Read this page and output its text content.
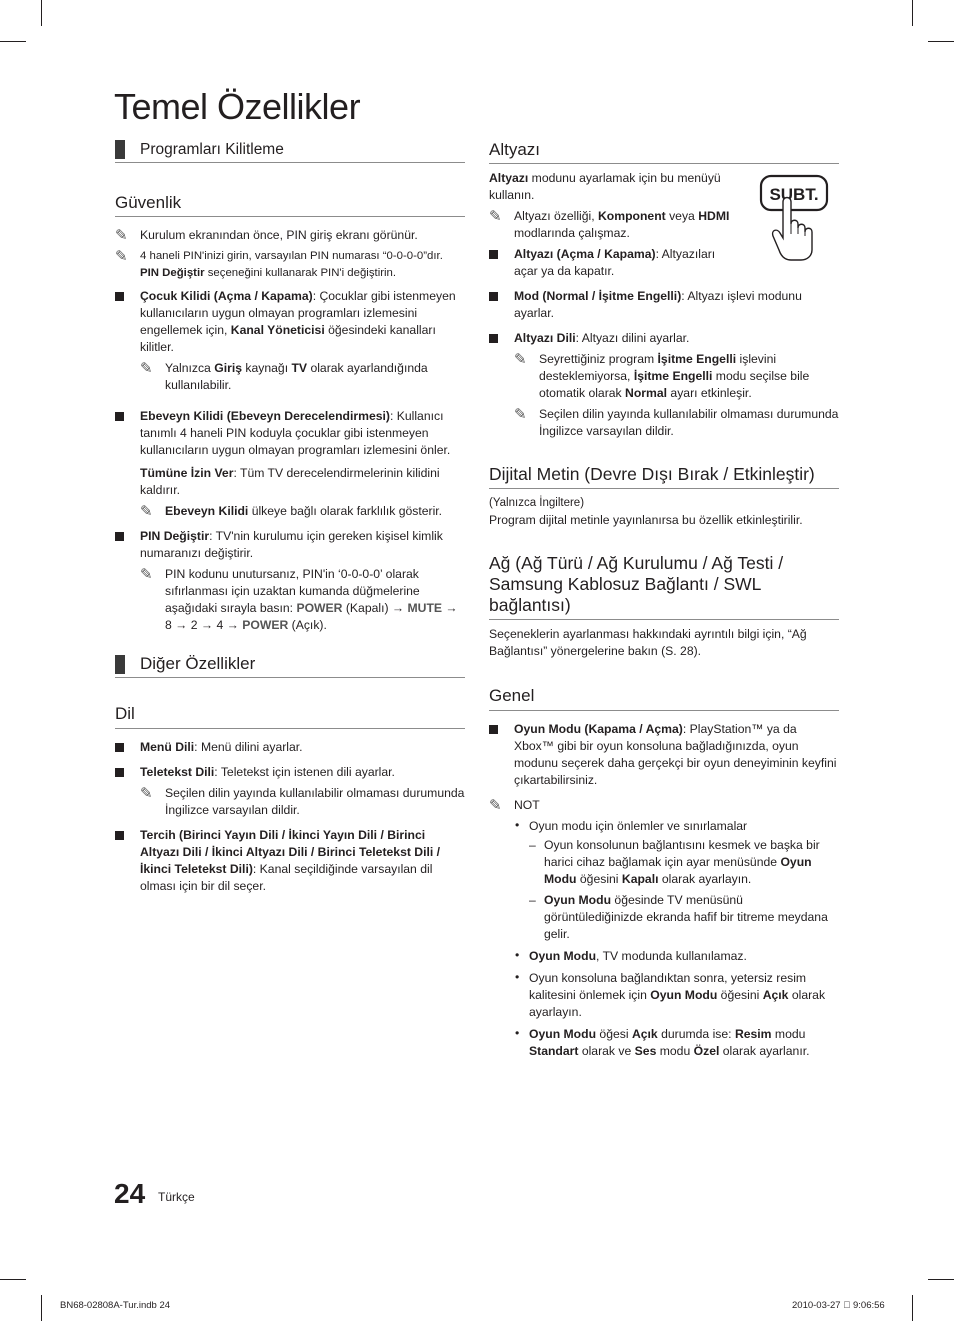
Temel Özellikler
Programları Kilitleme
Güvenlik
✎ Kurulum ekranından önce, PIN giriş ekranı görünür.
✎ 4 haneli PIN'inizi girin, varsayılan PIN numarası “0-0-0-0”dır. PIN Değiştir seçeneğini kullanarak PIN'i değiştirin.
Çocuk Kilidi (Açma / Kapama): Çocuklar gibi istenmeyen kullanıcıların uygun olmayan programları izlemesini engellemek için, Kanal Yöneticisi öğesindeki kanalları kilitler.
✎ Yalnızca Giriş kaynağı TV olarak ayarlandığında kullanılabilir.
Ebeveyn Kilidi (Ebeveyn Derecelendirmesi): Kullanıcı tanımlı 4 haneli PIN koduyla çocuklar gibi istenmeyen kullanıcıların uygun olmayan programları izlemesini önler.
Tümüne İzin Ver: Tüm TV derecelendirmelerinin kilidini kaldırır.
✎ Ebeveyn Kilidi ülkeye bağlı olarak farklılık gösterir.
PIN Değiştir: TV'nin kurulumu için gereken kişisel kimlik numaranızı değiştirir.
✎ PIN kodunu unutursanız, PIN'in ‘0-0-0-0’ olarak sıfırlanması için uzaktan kumanda düğmelerine aşağıdaki sırayla basın: POWER (Kapalı) → MUTE → 8 → 2 → 4 → POWER (Açık).
Diğer Özellikler
Dil
Menü Dili: Menü dilini ayarlar.
Teletekst Dili: Teletekst için istenen dili ayarlar.
✎ Seçilen dilin yayında kullanılabilir olmaması durumunda İngilizce varsayılan dildir.
Tercih (Birinci Yayın Dili / İkinci Yayın Dili / Birinci Altyazı Dili / İkinci Altyazı Dili / Birinci Teletekst Dili / İkinci Teletekst Dili): Kanal seçildiğinde varsayılan dil olması için bir dil seçer.
Altyazı
Altyazı modunu ayarlamak için bu menüyü kullanın.
✎ Altyazı özelliği, Komponent veya HDMI modlarında çalışmaz.
Altyazı (Açma / Kapama): Altyazıları açar ya da kapatır.
Mod (Normal / İşitme Engelli): Altyazı işlevi modunu ayarlar.
Altyazı Dili: Altyazı dilini ayarlar.
✎ Seyrettiğiniz program İşitme Engelli işlevini desteklemiyorsa, İşitme Engelli modu seçilse bile otomatik olarak Normal ayarı etkinleşir.
✎ Seçilen dilin yayında kullanılabilir olmaması durumunda İngilizce varsayılan dildir.
Dijital Metin (Devre Dışı Bırak / Etkinleştir)
(Yalnızca İngiltere)
Program dijital metinle yayınlanırsa bu özellik etkinleştirilir.
Ağ (Ağ Türü / Ağ Kurulumu / Ağ Testi / Samsung Kablosuz Bağlantı / SWL bağlantısı)
Seçeneklerin ayarlanması hakkındaki ayrıntılı bilgi için, “Ağ Bağlantısı” yönergelerine bakın (S. 28).
Genel
Oyun Modu (Kapama / Açma): PlayStation™ ya da Xbox™ gibi bir oyun konsoluna bağladığınızda, oyun modunu seçerek daha gerçekçi bir oyun deneyiminin keyfini çıkartabilirsiniz.
✎ NOT
• Oyun modu için önlemler ve sınırlamalar
– Oyun konsolunun bağlantısını kesmek ve başka bir harici cihaz bağlamak için ayar menüsünde Oyun Modu öğesini Kapalı olarak ayarlayın.
– Oyun Modu öğesinde TV menüsünü görüntülediğinizde ekranda hafif bir titreme meydana gelir.
• Oyun Modu, TV modunda kullanılamaz.
• Oyun konsoluna bağlandıktan sonra, yetersiz resim kalitesini önlemek için Oyun Modu öğesini Açık olarak ayarlayın.
• Oyun Modu öğesi Açık durumda ise: Resim modu Standart olarak ve Ses modu Özel olarak ayarlanır.
SUBT.
24 Türkçe
BN68-02808A-Tur.indb 24	2010-03-27   9:06:56
